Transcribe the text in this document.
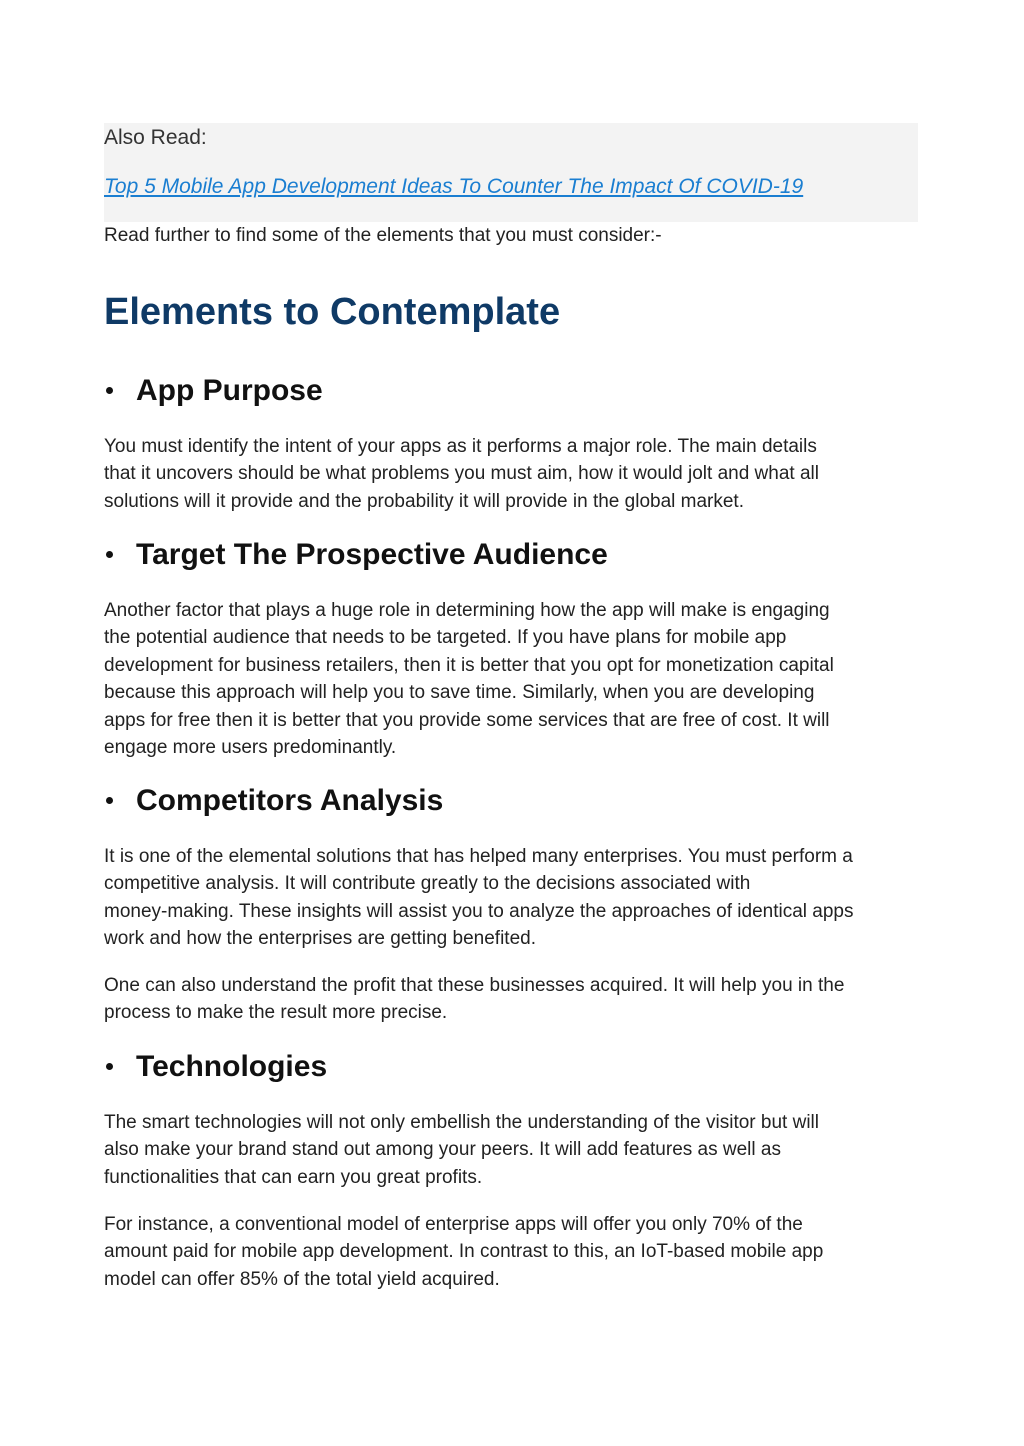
Also Read:
Top 5 Mobile App Development Ideas To Counter The Impact Of COVID-19
Read further to find some of the elements that you must consider:-
Elements to Contemplate
App Purpose

You must identify the intent of your apps as it performs a major role. The main details
that it uncovers should be what problems you must aim, how it would jolt and what all
solutions will it provide and the probability it will provide in the global market.

Target The Prospective Audience

Another factor that plays a huge role in determining how the app will make is engaging
the potential audience that needs to be targeted. If you have plans for mobile app
development for business retailers, then it is better that you opt for monetization capital
because this approach will help you to save time. Similarly, when you are developing
apps for free then it is better that you provide some services that are free of cost. It will
engage more users predominantly.

Competitors Analysis

It is one of the elemental solutions that has helped many enterprises. You must perform a
competitive analysis. It will contribute greatly to the decisions associated with
money-making. These insights will assist you to analyze the approaches of identical apps
work and how the enterprises are getting benefited.

One can also understand the profit that these businesses acquired. It will help you in the
process to make the result more precise.

Technologies

The smart technologies will not only embellish the understanding of the visitor but will
also make your brand stand out among your peers. It will add features as well as
functionalities that can earn you great profits.

For instance, a conventional model of enterprise apps will offer you only 70% of the
amount paid for mobile app development. In contrast to this, an IoT-based mobile app
model can offer 85% of the total yield acquired.
